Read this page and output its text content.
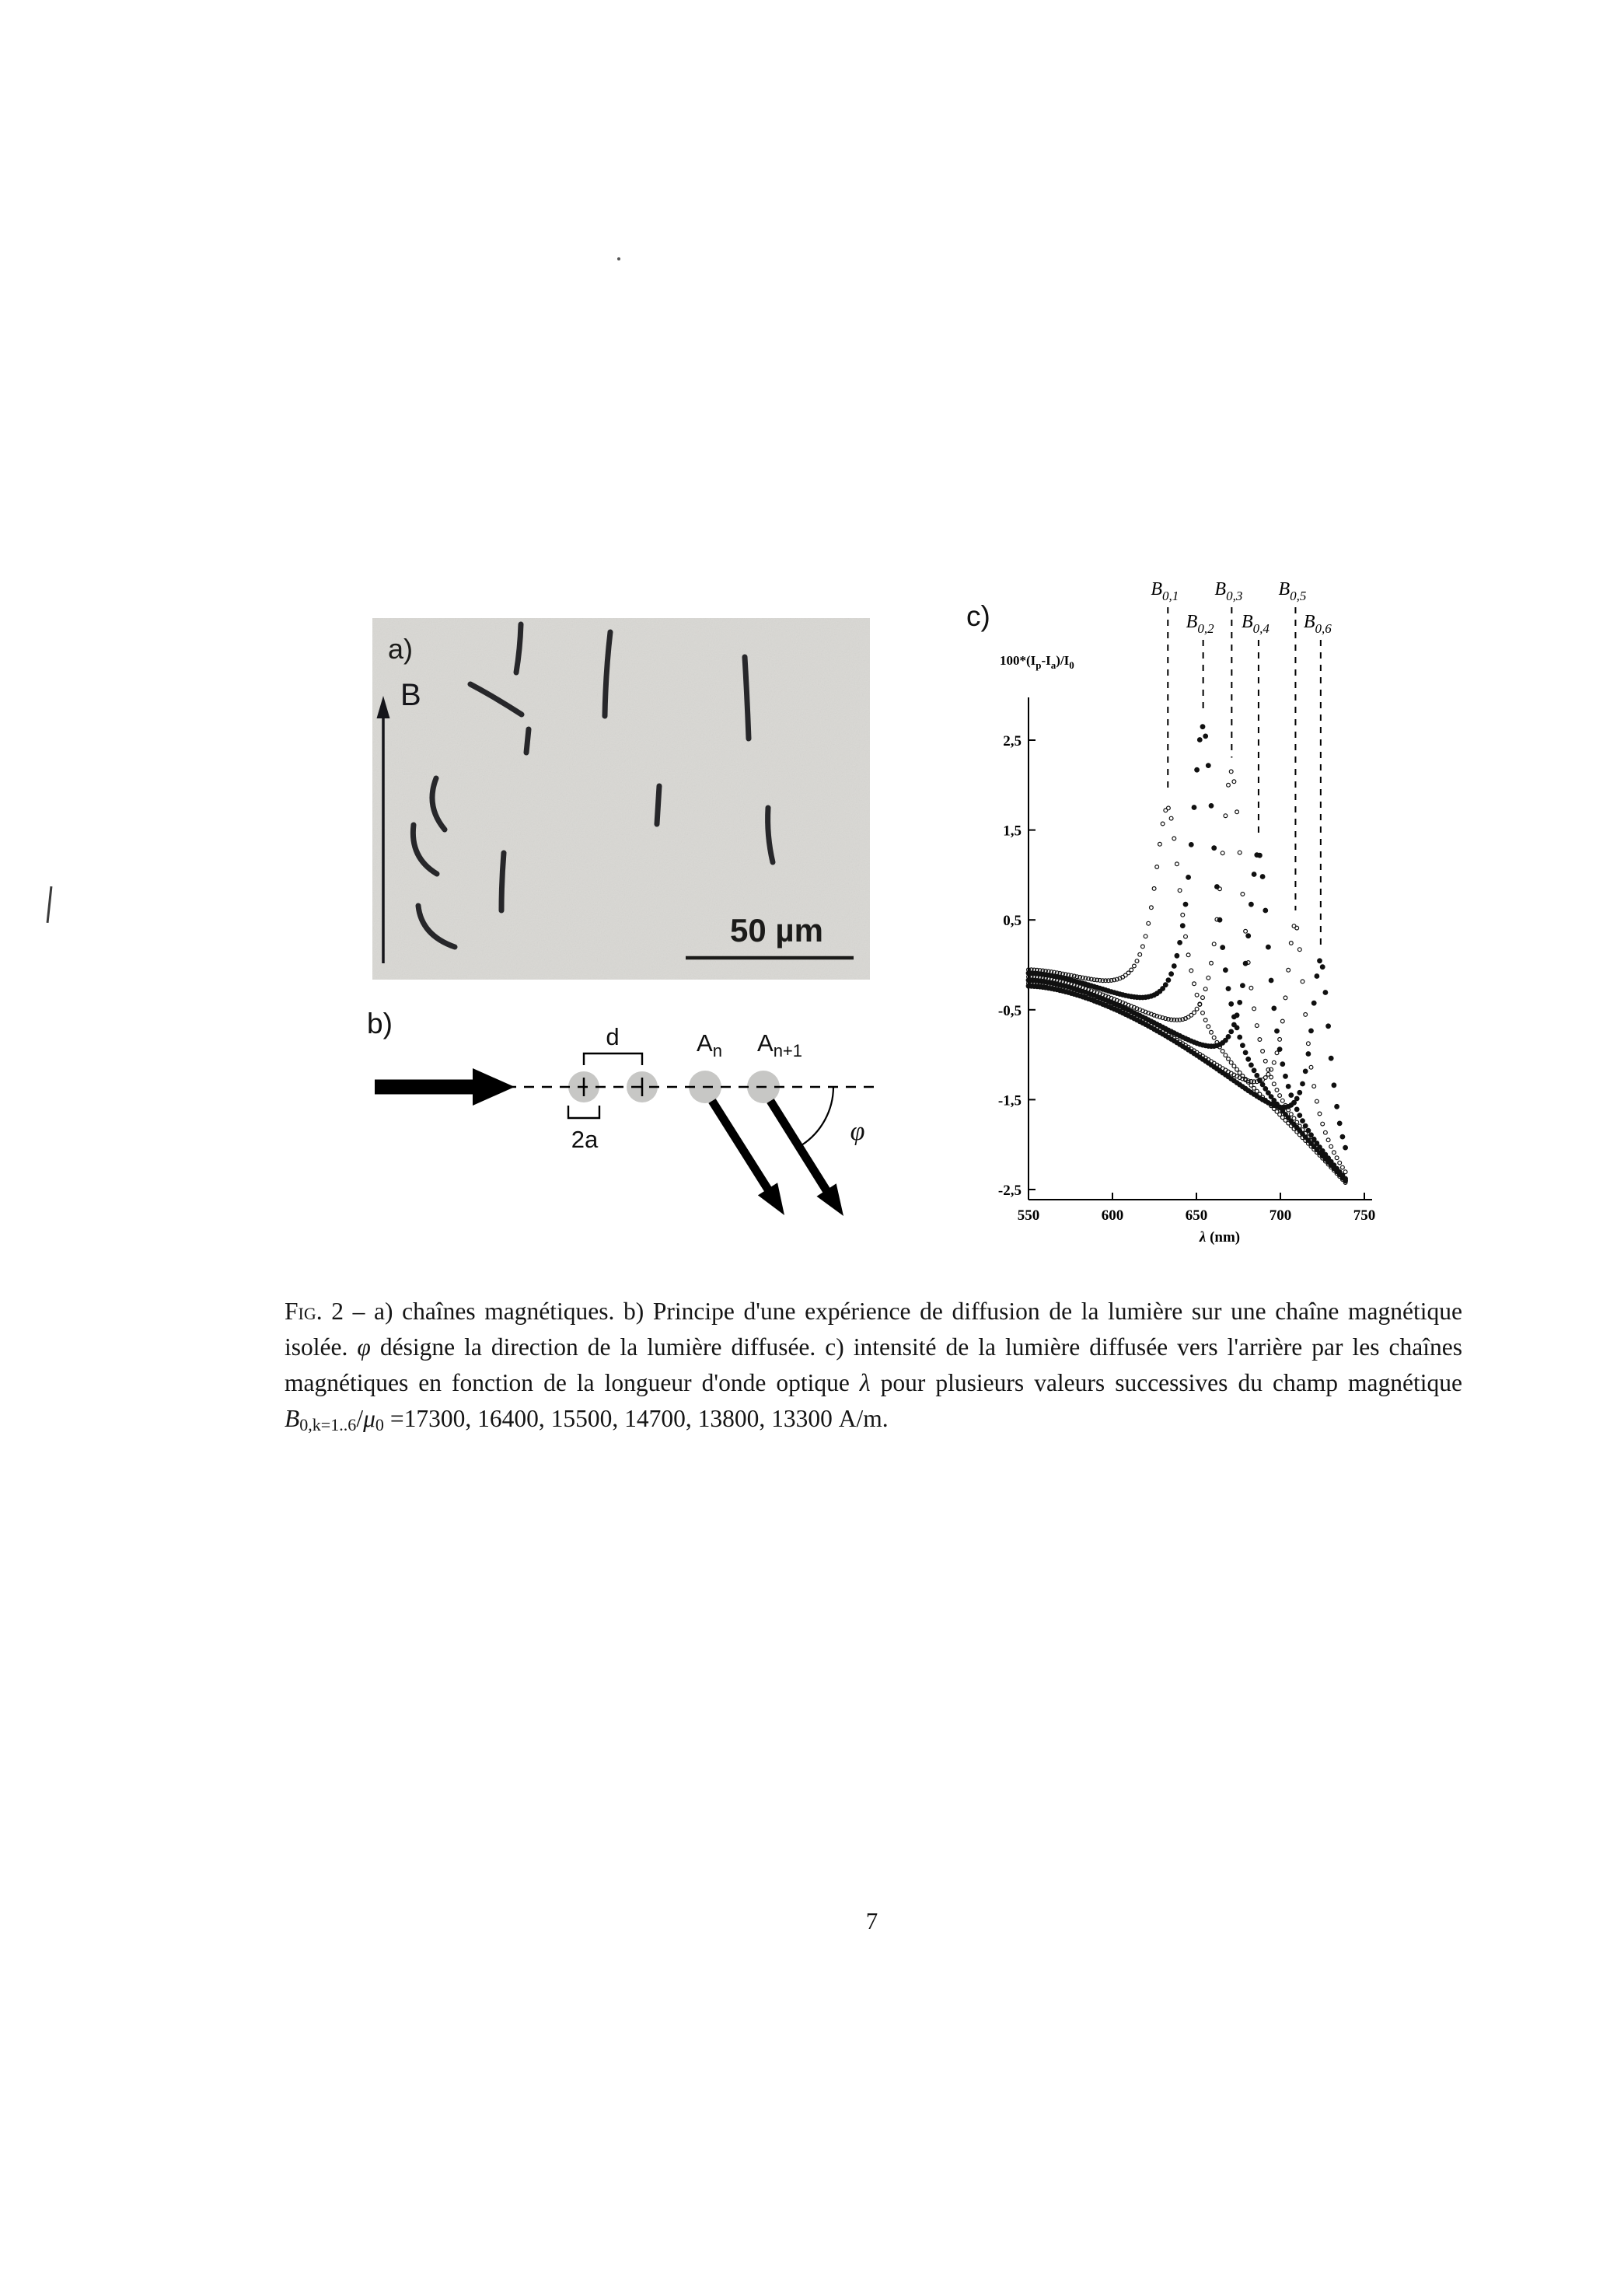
a)
B
50 µm
b)	d
2a
$A_n$ $A_{n+1}$
φ
c)
2,5
1,5
0,5
-0,5
-1,5
-2,5
550	600	650	700	750
λ (nm)
$100*(I_p-I_a)/I_0$
$B_{0,1}$
$B_{0,2}$
$B_{0,3}$
$B_{0,4}$
$B_{0,5}$
$B_{0,6}$

Fig. 2 – a) chaînes magnétiques. b) Principe d'une expérience de diffusion de la lumière sur une chaîne magnétique isolée. φ désigne la direction de la lumière diffusée. c) intensité de la lumière diffusée vers l'arrière par les chaînes magnétiques en fonction de la longueur d'onde optique λ pour plusieurs valeurs successives du champ magnétique B0,k=1..6/μ0 =17300, 16400, 15500, 14700, 13800, 13300 A/m.

7
